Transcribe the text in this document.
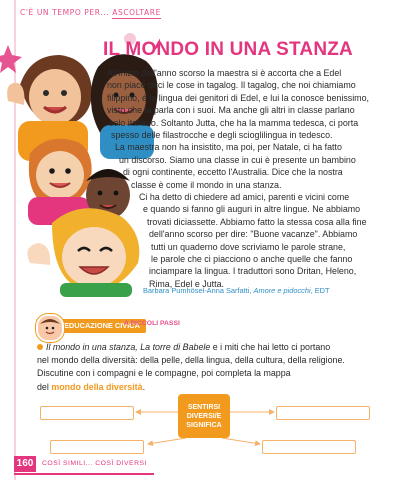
C'È UN TEMPO PER... ASCOLTARE
IL MONDO IN UNA STANZA
All'inizio dell'anno scorso la maestra si è accorta che a Edel
non piace dirci le cose in tagalog. Il tagalog, che noi chiamiamo
filippino, è la lingua dei genitori di Edel, e lui la conosce benissimo,
visto che la parla con i suoi. Ma anche gli altri in classe parlano
solo italiano. Soltanto Jutta, che ha la mamma tedesca, ci porta
spesso delle filastrocche e degli scioglilingua in tedesco.
La maestra non ha insistito, ma poi, per Natale, ci ha fatto
un discorso. Siamo una classe in cui è presente un bambino
di ogni continente, eccetto l'Australia. Dice che la nostra
classe è come il mondo in una stanza.
Ci ha detto di chiedere ad amici, parenti e vicini come
e quando si fanno gli auguri in altre lingue. Ne abbiamo
trovati diciassette. Abbiamo fatto la stessa cosa alla fine
dell'anno scorso per dire: "Buone vacanze". Abbiamo
tutti un quaderno dove scriviamo le parole strane,
le parole che ci piacciono o anche quelle che fanno
inciampare la lingua. I traduttori sono Dritan, Heleno,
Rima, Edel e Jutta.
Barbara Pumhösel-Anna Sarfatti, Amore e pidocchi, EDT
EDUCAZIONE CIVICA
A PICCOLI PASSI
Il mondo in una stanza, La torre di Babele e i miti che hai letto ci portano
nel mondo della diversità: della pelle, della lingua, della cultura, della religione.
Discutine con i compagni e le compagne, poi completa la mappa
del mondo della diversità.
SENTIRSI
DIVERSI/E
SIGNIFICA
160	COSÌ SIMILI... COSÌ DIVERSI
